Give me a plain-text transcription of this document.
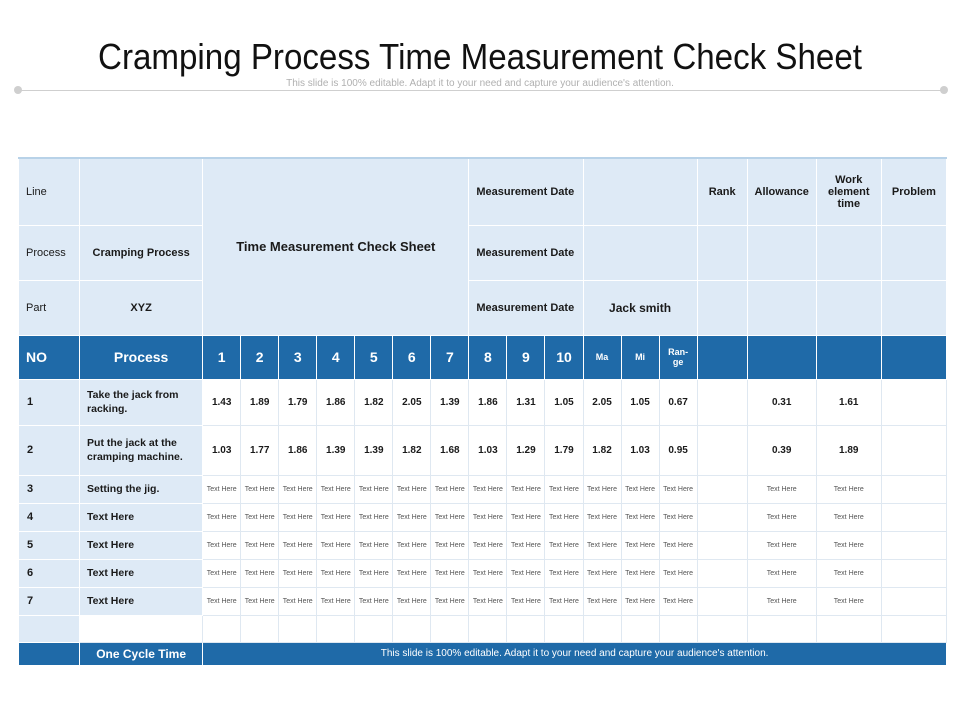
Cramping Process Time Measurement Check Sheet
This slide is 100% editable. Adapt it to your need and capture your audience's attention.
Line		Time Measurement Check Sheet							Measurement Date						Rank	Allowance	Work element time	Problem
Process	Cramping Process								Measurement Date									
Part	XYZ								Measurement Date			Jack smith						
NO	Process	1	2	3	4	5	6	7	8	9	10	Ma	Mi	Ran-ge				
1	Take the jack from racking.	1.43	1.89	1.79	1.86	1.82	2.05	1.39	1.86	1.31	1.05	2.05	1.05	0.67		0.31	1.61	
2	Put the jack at the cramping machine.	1.03	1.77	1.86	1.39	1.39	1.82	1.68	1.03	1.29	1.79	1.82	1.03	0.95		0.39	1.89	
3	Setting the jig.	Text Here	Text Here	Text Here	Text Here	Text Here	Text Here	Text Here	Text Here	Text Here	Text Here	Text Here	Text Here	Text Here		Text Here	Text Here	
4	Text Here	Text Here	Text Here	Text Here	Text Here	Text Here	Text Here	Text Here	Text Here	Text Here	Text Here	Text Here	Text Here	Text Here		Text Here	Text Here	
5	Text Here	Text Here	Text Here	Text Here	Text Here	Text Here	Text Here	Text Here	Text Here	Text Here	Text Here	Text Here	Text Here	Text Here		Text Here	Text Here	
6	Text Here	Text Here	Text Here	Text Here	Text Here	Text Here	Text Here	Text Here	Text Here	Text Here	Text Here	Text Here	Text Here	Text Here		Text Here	Text Here	
7	Text Here	Text Here	Text Here	Text Here	Text Here	Text Here	Text Here	Text Here	Text Here	Text Here	Text Here	Text Here	Text Here	Text Here		Text Here	Text Here	

	One Cycle Time	This slide is 100% editable. Adapt it to your need and capture your audience's attention.																
